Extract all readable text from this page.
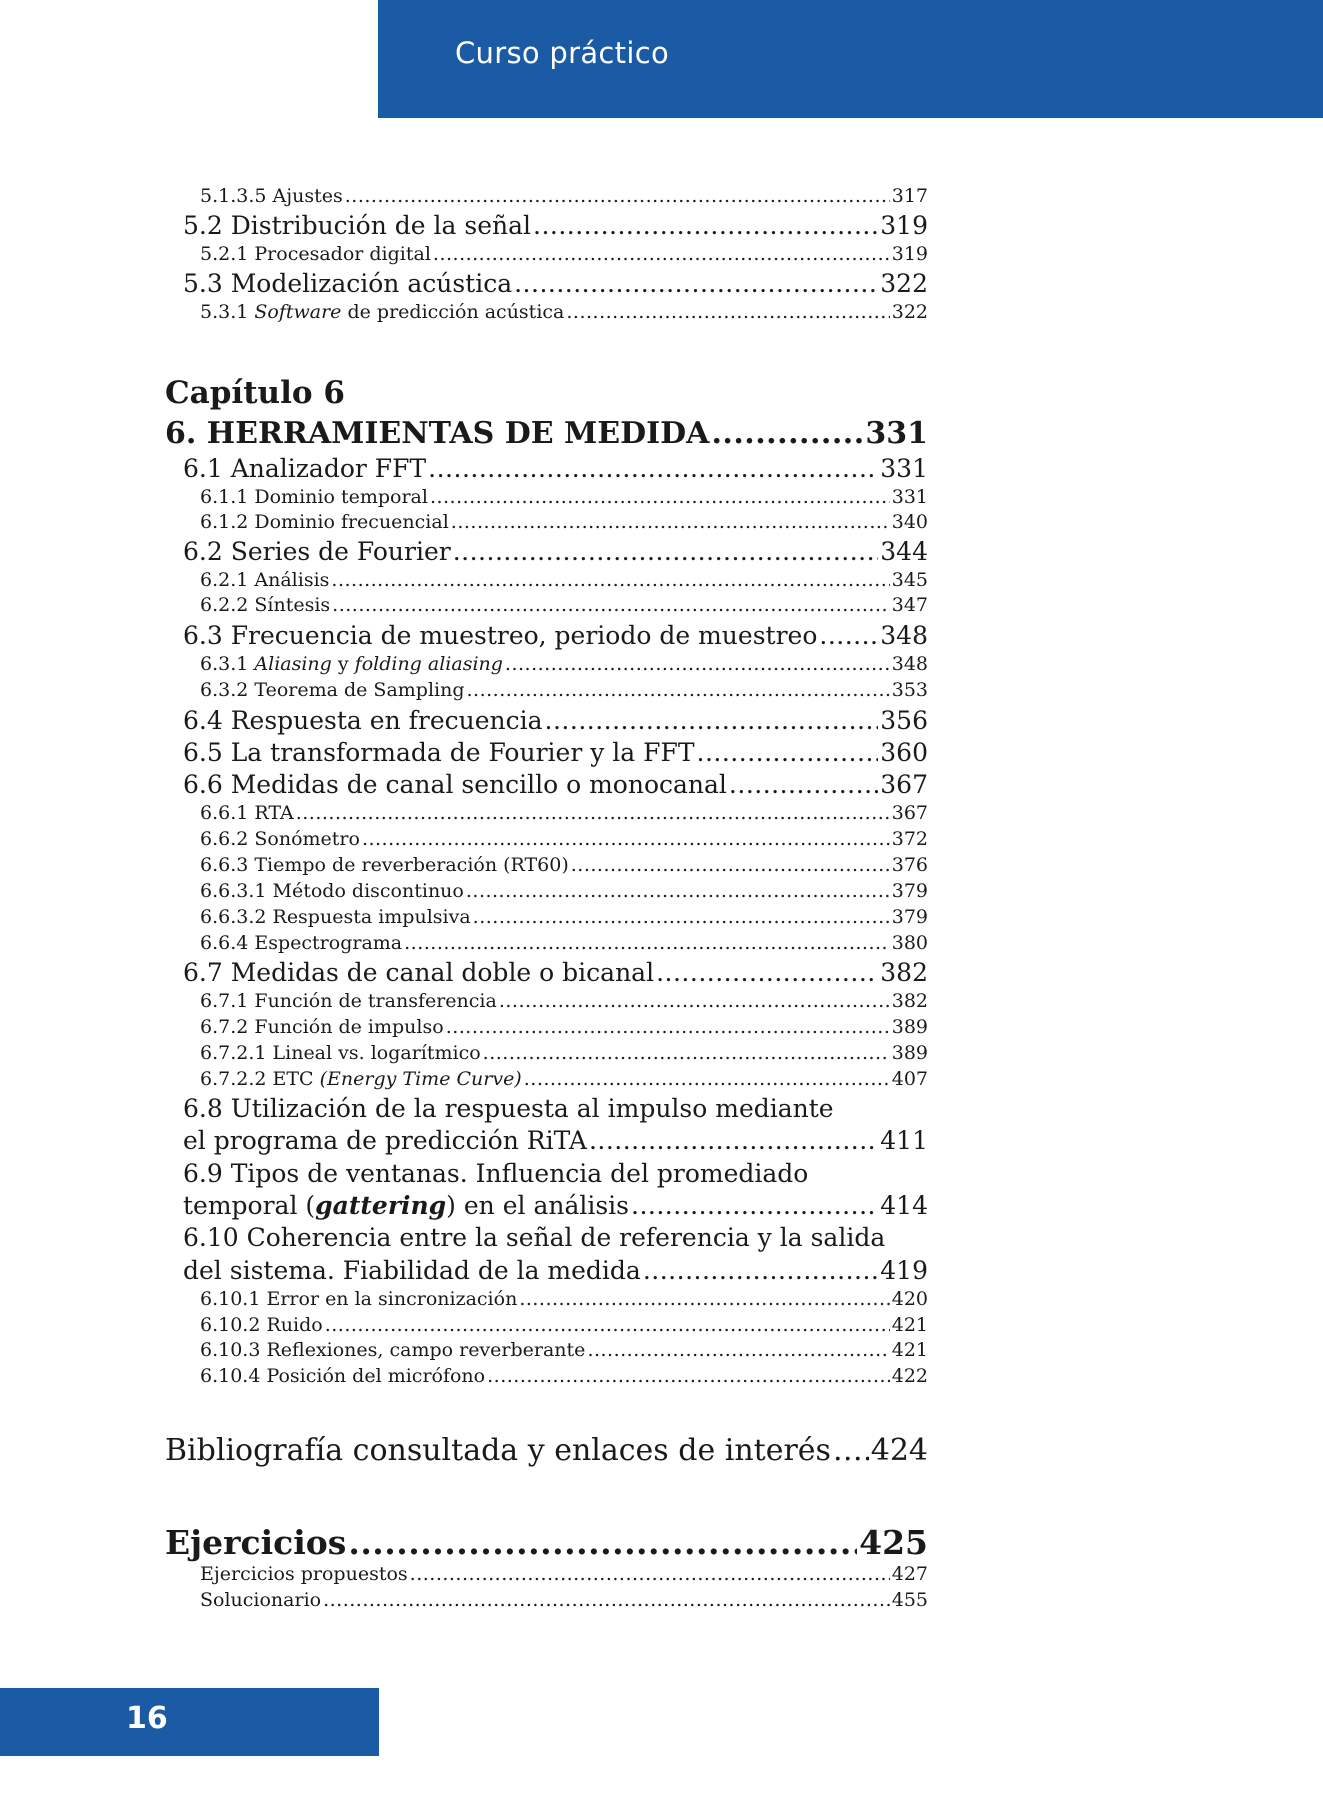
Curso práctico
5.1.3.5 Ajustes .....	317
5.2 Distribución de la señal .....	319
5.2.1 Procesador digital .....	319
5.3 Modelización acústica .....	322
5.3.1 Software de predicción acústica .....	322
Capítulo 6
6. HERRAMIENTAS DE MEDIDA .....	331
6.1 Analizador FFT .....	331
6.1.1 Dominio temporal .....	331
6.1.2 Dominio frecuencial .....	340
6.2 Series de Fourier .....	344
6.2.1 Análisis .....	345
6.2.2 Síntesis .....	347
6.3 Frecuencia de muestreo, periodo de muestreo .....	348
6.3.1 Aliasing y folding aliasing .....	348
6.3.2 Teorema de Sampling .....	353
6.4 Respuesta en frecuencia .....	356
6.5 La transformada de Fourier y la FFT .....	360
6.6 Medidas de canal sencillo o monocanal .....	367
6.6.1 RTA .....	367
6.6.2 Sonómetro .....	372
6.6.3 Tiempo de reverberación (RT60) .....	376
6.6.3.1 Método discontinuo .....	379
6.6.3.2 Respuesta impulsiva .....	379
6.6.4 Espectrograma .....	380
6.7 Medidas de canal doble o bicanal .....	382
6.7.1 Función de transferencia .....	382
6.7.2 Función de impulso .....	389
6.7.2.1 Lineal vs. logarítmico .....	389
6.7.2.2 ETC (Energy Time Curve) .....	407
6.8 Utilización de la respuesta al impulso mediante
el programa de predicción RiTA .....	411
6.9 Tipos de ventanas. Influencia del promediado
temporal (gattering) en el análisis .....	414
6.10 Coherencia entre la señal de referencia y la salida
del sistema. Fiabilidad de la medida .....	419
6.10.1 Error en la sincronización .....	420
6.10.2 Ruido .....	421
6.10.3 Reflexiones, campo reverberante .....	421
6.10.4 Posición del micrófono .....	422
Bibliografía consultada y enlaces de interés ..... 424
Ejercicios .....	425
Ejercicios propuestos .....	427
Solucionario .....	455
16
